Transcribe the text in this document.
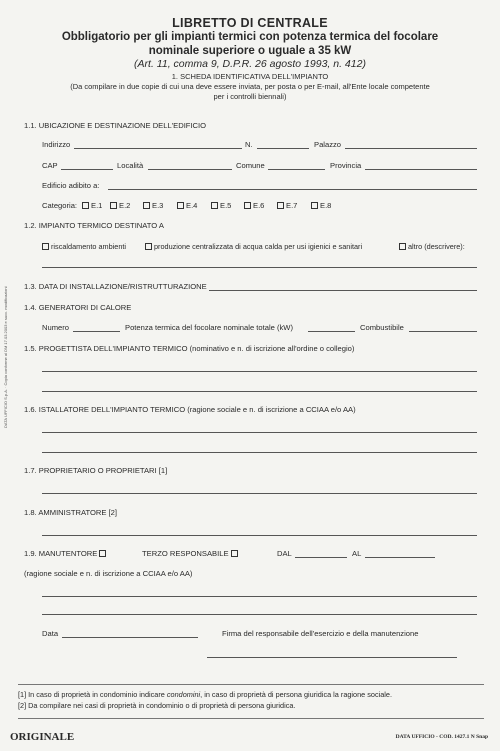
LIBRETTO DI CENTRALE
Obbligatorio per gli impianti termici con potenza termica del focolare
nominale superiore o uguale a 35 kW
(Art. 11, comma 9, D.P.R. 26 agosto 1993, n. 412)
1. SCHEDA IDENTIFICATIVA DELL'IMPIANTO
(Da compilare in due copie di cui una deve essere inviata, per posta o per E-mail, all'Ente locale competente
per i controlli biennali)
1.1. UBICAZIONE E DESTINAZIONE DELL'EDIFICIO
Indirizzo	N.	Palazzo
CAP	Località	Comune	Provincia
Edificio adibito a:
Categoria:	E.1	E.2	E.3	E.4	E.5	E.6	E.7	E.8
1.2. IMPIANTO TERMICO DESTINATO A
riscaldamento ambienti	produzione centralizzata di acqua calda per usi igienici e sanitari	altro (descrivere):
1.3. DATA DI INSTALLAZIONE/RISTRUTTURAZIONE
1.4. GENERATORI DI CALORE
Numero	Potenza termica del focolare nominale totale (kW)	Combustibile
1.5. PROGETTISTA DELL'IMPIANTO TERMICO (nominativo e n. di iscrizione all'ordine o collegio)
1.6. ISTALLATORE DELL'IMPIANTO TERMICO (ragione sociale e n. di iscrizione a CCIAA e/o AA)
1.7. PROPRIETARIO O PROPRIETARI [1]
1.8. AMMINISTRATORE [2]
1.9. MANUTENTORE	TERZO RESPONSABILE	DAL	AL
(ragione sociale e n. di iscrizione a CCIAA e/o AA)
Data	Firma del responsabile dell'esercizio e della manutenzione
[1] In caso di proprietà in condominio indicare condomini, in caso di proprietà di persona giuridica la ragione sociale.
[2] Da compilare nei casi di proprietà in condominio o di proprietà di persona giuridica.
DATA UFFICIO S.p.A. · Copia conforme al DM 17.03.2003 e succ. modificazioni
ORIGINALE	DATA UFFICIO - COD. 1427.1 N Snap
